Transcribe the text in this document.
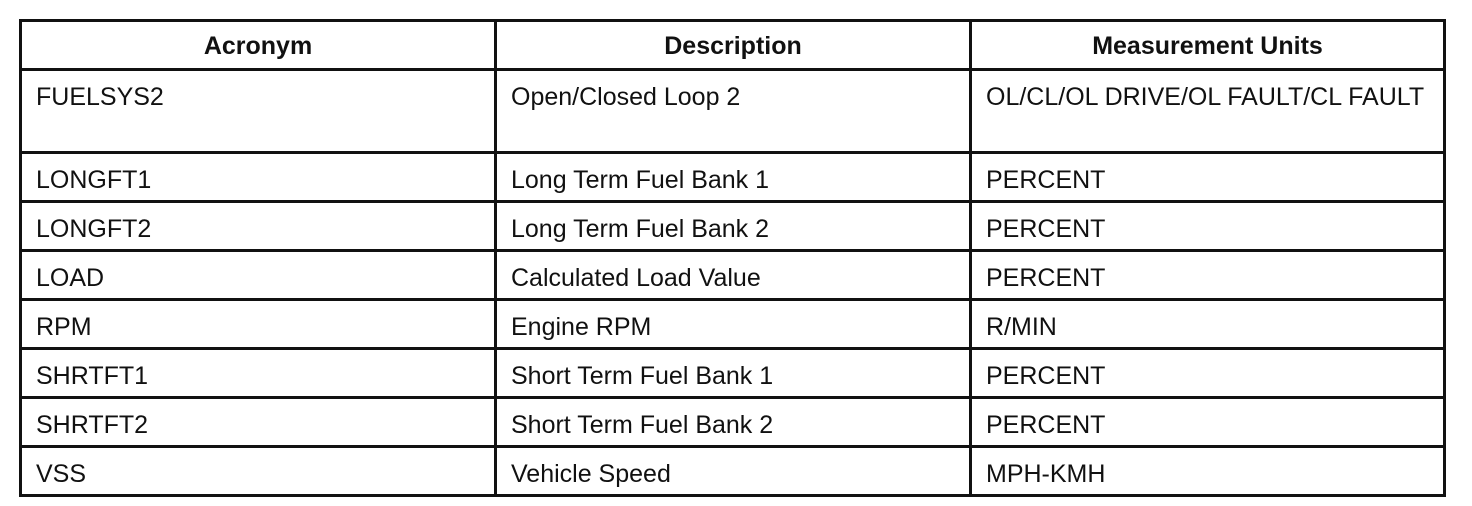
Acronym	Description	Measurement Units
FUELSYS2	Open/Closed Loop 2	OL/CL/OL DRIVE/OL FAULT/CL FAULT
LONGFT1	Long Term Fuel Bank 1	PERCENT
LONGFT2	Long Term Fuel Bank 2	PERCENT
LOAD	Calculated Load Value	PERCENT
RPM	Engine RPM	R/MIN
SHRTFT1	Short Term Fuel Bank 1	PERCENT
SHRTFT2	Short Term Fuel Bank 2	PERCENT
VSS	Vehicle Speed	MPH-KMH
